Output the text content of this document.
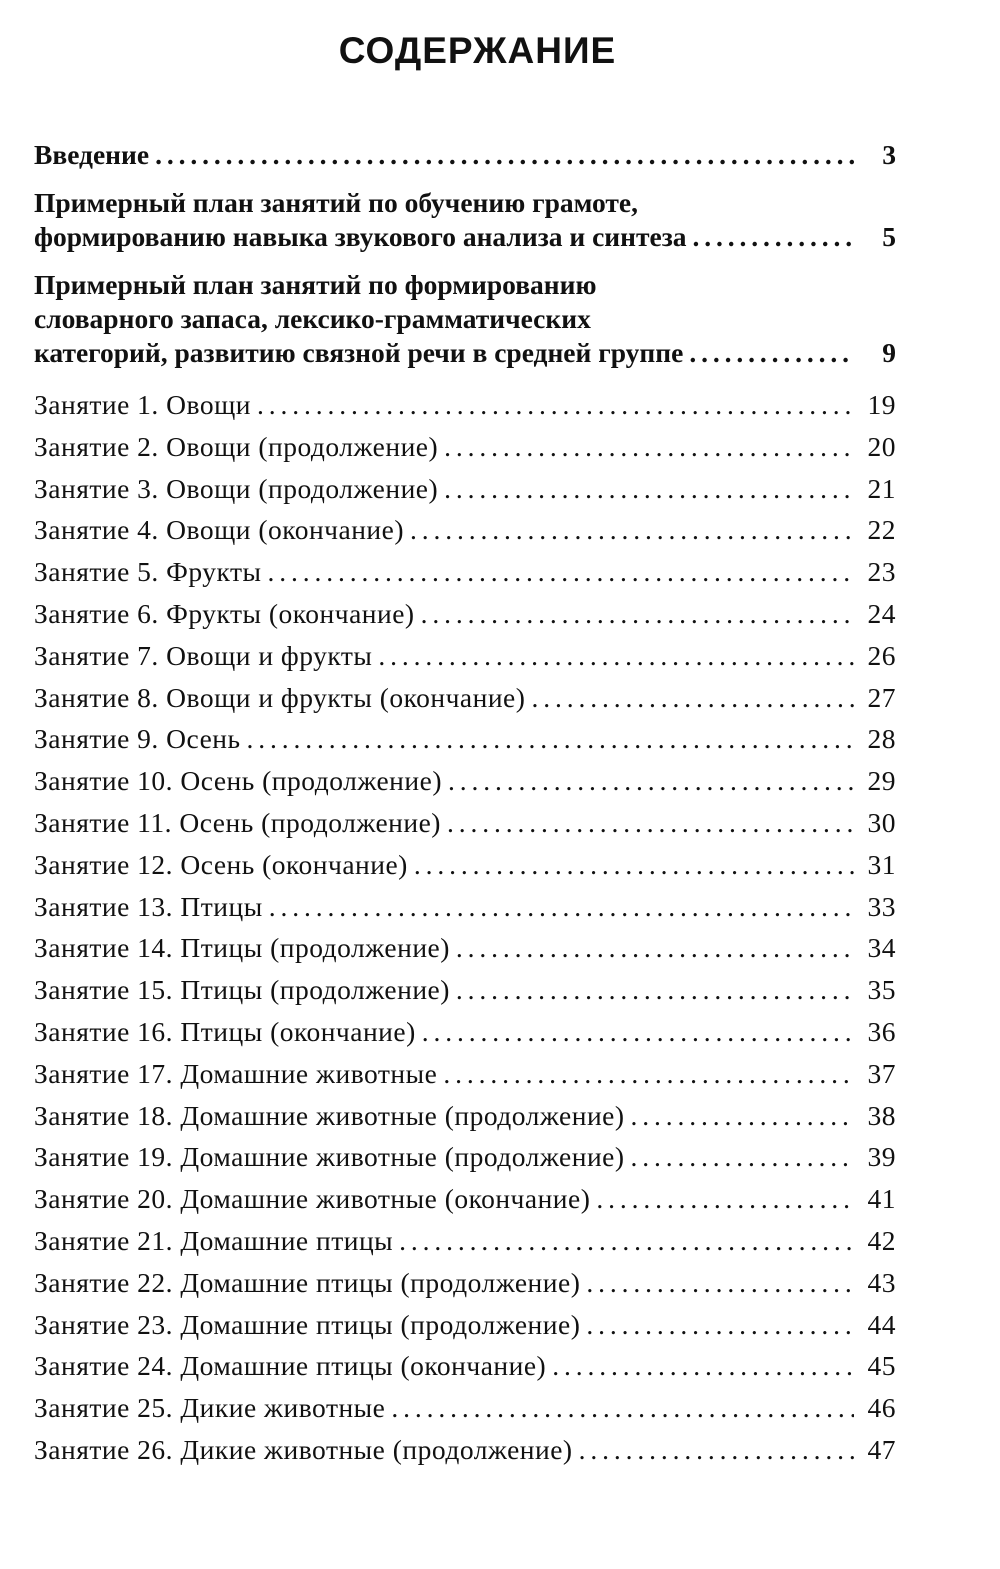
СОДЕРЖАНИЕ
Введение . . .	3
Примерный план занятий по обучению грамоте,
формированию навыка звукового анализа и синтеза . . .	5
Примерный план занятий по формированию
словарного запаса, лексико-грамматических
категорий, развитию связной речи в средней группе . . .	9
Занятие 1. Овощи . . .	19
Занятие 2. Овощи (продолжение) . . .	20
Занятие 3. Овощи (продолжение) . . .	21
Занятие 4. Овощи (окончание) . . .	22
Занятие 5. Фрукты . . .	23
Занятие 6. Фрукты (окончание) . . .	24
Занятие 7. Овощи и фрукты . . .	26
Занятие 8. Овощи и фрукты (окончание) . . .	27
Занятие 9. Осень . . .	28
Занятие 10. Осень (продолжение) . . .	29
Занятие 11. Осень (продолжение) . . .	30
Занятие 12. Осень (окончание) . . .	31
Занятие 13. Птицы . . .	33
Занятие 14. Птицы (продолжение) . . .	34
Занятие 15. Птицы (продолжение) . . .	35
Занятие 16. Птицы (окончание) . . .	36
Занятие 17. Домашние животные . . .	37
Занятие 18. Домашние животные (продолжение) . . .	38
Занятие 19. Домашние животные (продолжение) . . .	39
Занятие 20. Домашние животные (окончание) . . .	41
Занятие 21. Домашние птицы . . .	42
Занятие 22. Домашние птицы (продолжение) . . .	43
Занятие 23. Домашние птицы (продолжение) . . .	44
Занятие 24. Домашние птицы (окончание) . . .	45
Занятие 25. Дикие животные . . .	46
Занятие 26. Дикие животные (продолжение) . . .	47
